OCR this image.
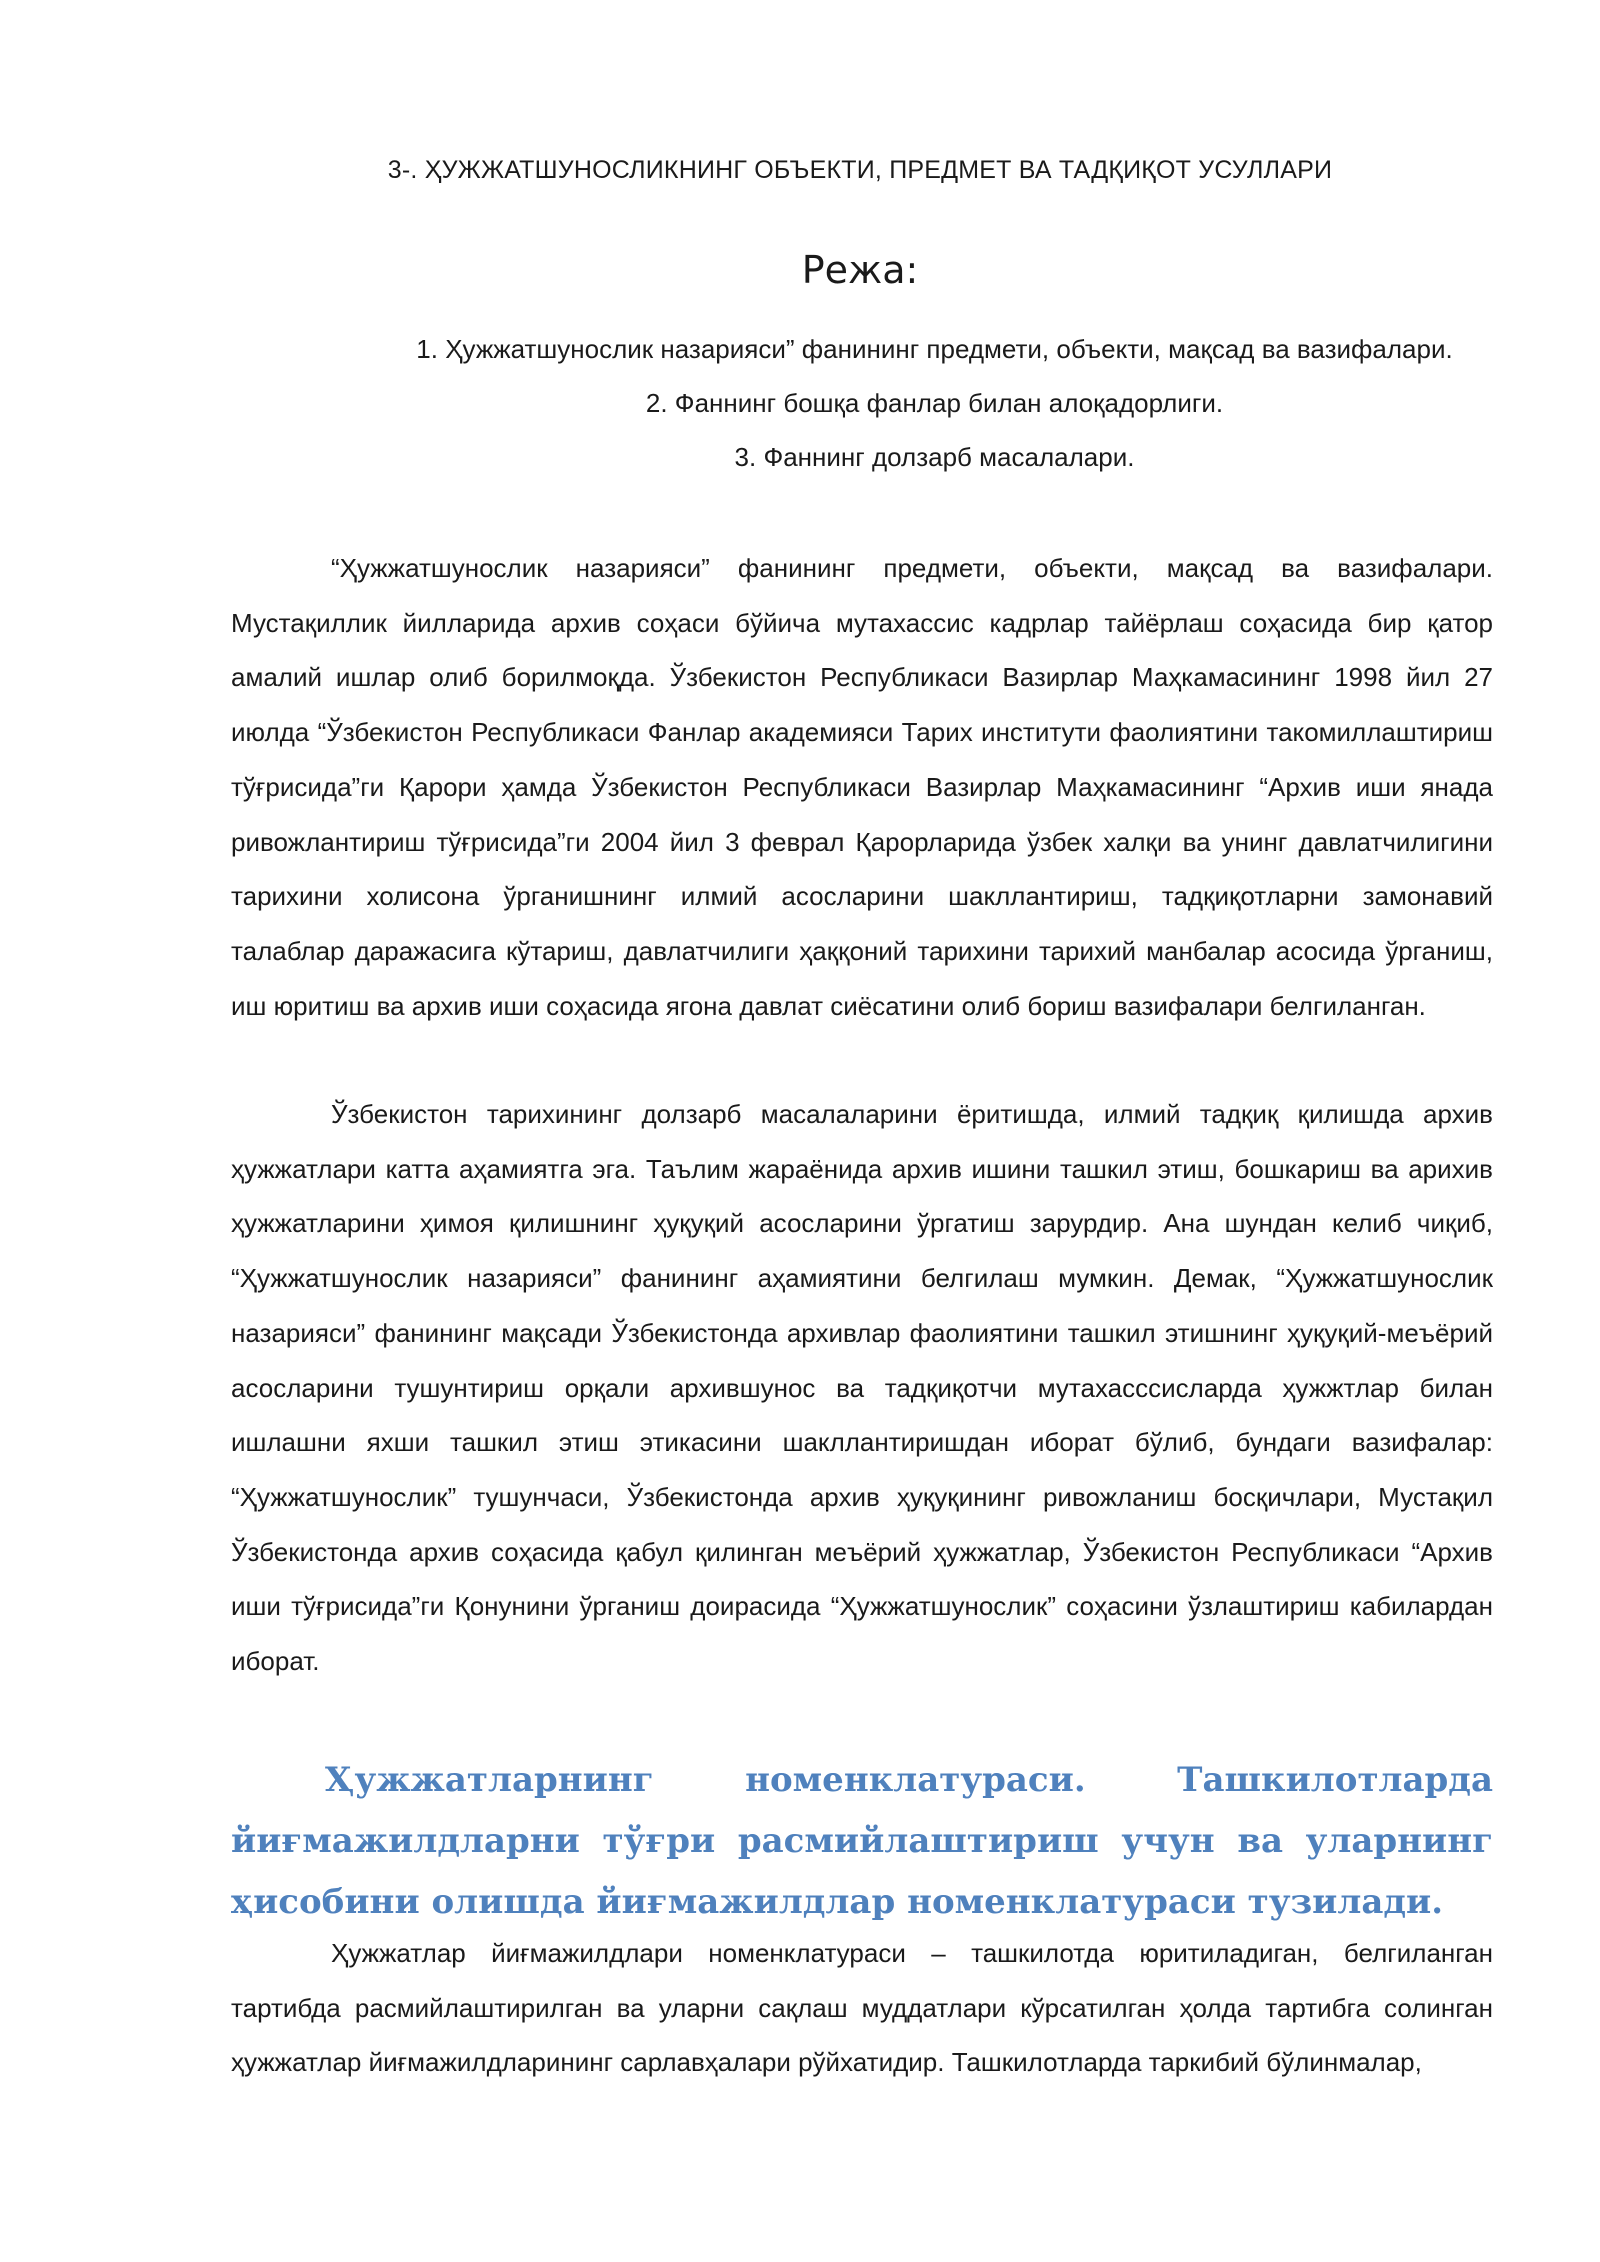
3-. ҲУЖЖАТШУНОСЛИКНИНГ ОБЪЕКТИ, ПРЕДМЕТ ВА ТАДҚИҚОТ УСУЛЛАРИ
Режа:
1. Ҳужжатшунослик назарияси” фанининг предмети, объекти, мақсад ва вазифалари.
2. Фаннинг бошқа фанлар билан алоқадорлиги.
3. Фаннинг долзарб масалалари.

“Ҳужжатшунослик назарияси” фанининг предмети, объекти, мақсад ва вазифалари. Мустақиллик йилларида архив соҳаси бўйича мутахассис кадрлар тайёрлаш соҳасида бир қатор амалий ишлар олиб борилмоқда. Ўзбекистон Республикаси Вазирлар Маҳкамасининг 1998 йил 27 июлда “Ўзбекистон Республикаси Фанлар академияси Тарих институти фаолиятини такомиллаштириш тўғрисида”ги Қарори ҳамда Ўзбекистон Республикаси Вазирлар Маҳкамасининг “Архив иши янада ривожлантириш тўғрисида”ги 2004 йил 3 феврал Қарорларида ўзбек халқи ва унинг давлатчилигини тарихини холисона ўрганишнинг илмий асосларини шакллантириш, тадқиқотларни замонавий талаблар даражасига кўтариш, давлатчилиги ҳаққоний тарихини тарихий манбалар асосида ўрганиш, иш юритиш ва архив иши соҳасида ягона давлат сиёсатини олиб бориш вазифалари белгиланган.

Ўзбекистон тарихининг долзарб масалаларини ёритишда, илмий тадқиқ қилишда архив ҳужжатлари катта аҳамиятга эга. Таълим жараёнида архив ишини ташкил этиш, бошкариш ва арихив ҳужжатларини ҳимоя қилишнинг ҳуқуқий асосларини ўргатиш зарурдир. Ана шундан келиб чиқиб, “Ҳужжатшунослик назарияси” фанининг аҳамиятини белгилаш мумкин. Демак, “Ҳужжатшунослик назарияси” фанининг мақсади Ўзбекистонда архивлар фаолиятини ташкил этишнинг ҳуқуқий-меъёрий асосларини тушунтириш орқали архившунос ва тадқиқотчи мутахасссисларда ҳужжтлар билан ишлашни яхши ташкил этиш этикасини шакллантиришдан иборат бўлиб, бундаги вазифалар: “Ҳужжатшунослик” тушунчаси, Ўзбекистонда архив ҳуқуқининг ривожланиш босқичлари, Мустақил Ўзбекистонда архив соҳасида қабул қилинган меъёрий ҳужжатлар, Ўзбекистон Республикаси “Архив иши тўғрисида”ги Қонунини ўрганиш доирасида “Ҳужжатшунослик” соҳасини ўзлаштириш кабилардан иборат.

Ҳужжатларнинг номенклатураси. Ташкилотларда йиғмажилдларни тўғри расмийлаштириш учун ва уларнинг ҳисобини олишда йиғмажилдлар номенклатураси тузилади.

Ҳужжатлар йиғмажилдлари номенклатураси – ташкилотда юритиладиган, белгиланган тартибда расмийлаштирилган ва уларни сақлаш муддатлари кўрсатилган ҳолда тартибга солинган ҳужжатлар йиғмажилдларининг сарлавҳалари рўйхатидир. Ташкилотларда таркибий бўлинмалар,
